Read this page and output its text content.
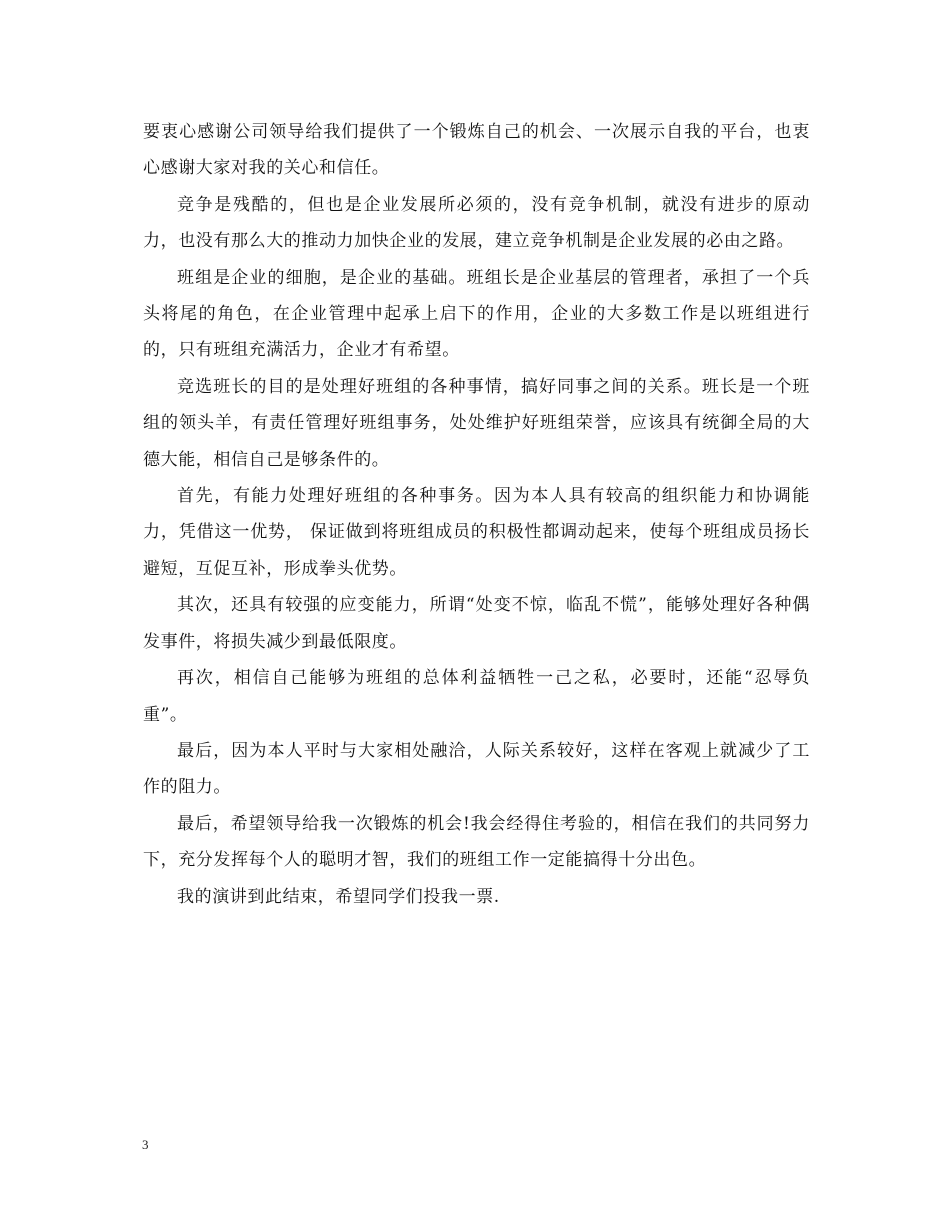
要衷心感谢公司领导给我们提供了一个锻炼自己的机会、一次展示自我的平台，也衷心感谢大家对我的关心和信任。

竞争是残酷的，但也是企业发展所必须的，没有竞争机制，就没有进步的原动力，也没有那么大的推动力加快企业的发展，建立竞争机制是企业发展的必由之路。

班组是企业的细胞，是企业的基础。班组长是企业基层的管理者，承担了一个兵头将尾的角色，在企业管理中起承上启下的作用，企业的大多数工作是以班组进行的，只有班组充满活力，企业才有希望。

竞选班长的目的是处理好班组的各种事情，搞好同事之间的关系。班长是一个班组的领头羊，有责任管理好班组事务，处处维护好班组荣誉，应该具有统御全局的大德大能，相信自己是够条件的。

首先，有能力处理好班组的各种事务。因为本人具有较高的组织能力和协调能力，凭借这一优势， 保证做到将班组成员的积极性都调动起来，使每个班组成员扬长避短，互促互补，形成拳头优势。

其次，还具有较强的应变能力，所谓“处变不惊，临乱不慌”，能够处理好各种偶发事件，将损失减少到最低限度。

再次，相信自己能够为班组的总体利益牺牲一己之私，必要时，还能“忍辱负重”。

最后，因为本人平时与大家相处融洽，人际关系较好，这样在客观上就减少了工作的阻力。

最后，希望领导给我一次锻炼的机会!我会经得住考验的，相信在我们的共同努力下，充分发挥每个人的聪明才智，我们的班组工作一定能搞得十分出色。

我的演讲到此结束，希望同学们投我一票.

3
